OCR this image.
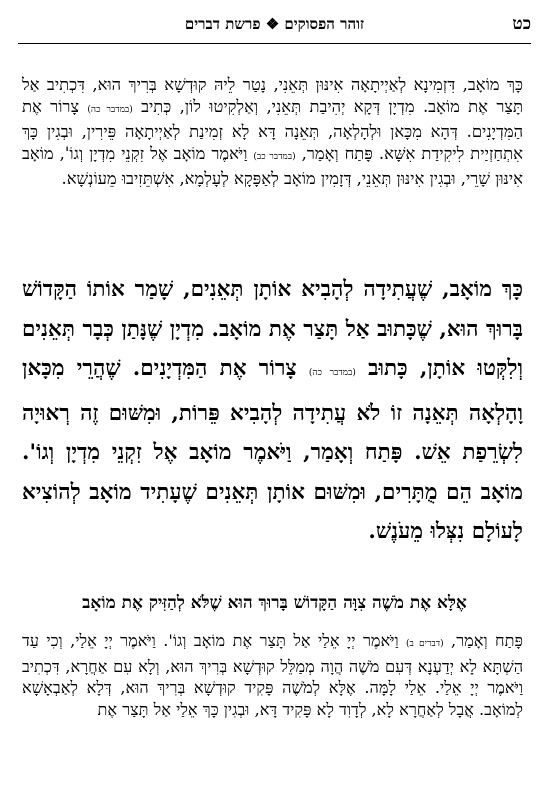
כט
זוהר הפסוקים ❖ פרשת דברים
כָּךְ מוֹאָב, דִּזְמִינָא לְאַיְיתָאָה אִינּוּן תְּאֵנִי, נָטַר לֵיהּ קוּדְשָׁא בְּרִיךְ הוּא, דִּכְתִיב אַל תָּצַר אֶת מוֹאָב. מִדְיָן דְּקָא יְהִיבַת תְּאֵנִי, וְאַלְקִיטוּ לוֹן, כְּתִיב (במדבר כה) צָרוֹר אֶת הַמִּדְיָנִים. דְּהָא מִכָּאן וּלְהָלְאָה, תְּאֵנָה דָּא לָא זְמִינַת לְאַיְיתָאָה פֵּירִין, וּבְגִין כָּךְ אִתְחַזְיַית לִיקִידַת אִשָּׁא. פָּתַח וְאָמַר, (במדבר כב) וַיֹּאמֶר מוֹאָב אֶל זִקְנֵי מִדְיָן וְגוֹ', מוֹאָב אִינּוּן שָׁרֵי, וּבְגִין אִינּוּן תְּאֵנֵי, דְּזָמִין מוֹאָב לְאַפָּקָא לְעָלְמָא, אִשְׁתֵּזִיבוּ מֵעוֹנְשָׁא.
כָּךְ מוֹאָב, שֶׁעֲתִידָה לְהָבִיא אוֹתָן תְּאֵנִים, שָׁמַר אוֹתוֹ הַקָּדוֹשׁ בָּרוּךְ הוּא, שֶׁכָּתוּב אַל תָּצַר אֶת מוֹאָב. מִדְיָן שֶׁנָּתַן כְּבָר תְּאֵנִים וְלִקְּטוּ אוֹתָן, כָּתוּב (במדבר כה) צָרוֹר אֶת הַמִּדְיָנִים. שֶׁהֲרֵי מִכָּאן וָהָלְאָה תְּאֵנָה זוֹ לֹא עֲתִידָה לְהָבִיא פֵּרוֹת, וּמִשּׁוּם זֶה רְאוּיָה לִשְׂרֵפַת אֵשׁ. פָּתַח וְאָמַר, וַיֹּאמֶר מוֹאָב אֶל זִקְנֵי מִדְיָן וְגוֹ'. מוֹאָב הֵם מֻתָּרִים, וּמִשּׁוּם אוֹתָן תְּאֵנִים שֶׁעָתִיד מוֹאָב לְהוֹצִיא לָעוֹלָם נִצְּלוּ מֵעֹנֶשׁ.
אֶלָּא אֶת מֹשֶׁה צִוָּה הַקָּדוֹשׁ בָּרוּךְ הוּא שֶׁלֹּא לְהַזִּיק אֶת מוֹאָב
פָּתַח וְאָמַר, (דברים ב) וַיֹּאמֶר יְיָ אֵלַי אַל תָּצַר אֶת מוֹאָב וְגוֹ'. וַיֹּאמֶר יְיָ אֵלַי, וְכִי עַד הַשְׁתָּא לָא יְדַעְנָא דְּעִם מֹשֶׁה הֲוָה מְמַלֵּל קוּדְשָׁא בְּרִיךְ הוּא, וְלָא עִם אַחֲרָא, דִּכְתִיב וַיֹּאמֶר יְיָ אֵלַי. אֵלַי לָמָּה. אֶלָּא לְמֹשֶׁה פָּקִיד קוּדְשָׁא בְּרִיךְ הוּא, דְּלָא לְאַבְאָשָׁא לְמוֹאָב. אֲבָל לְאַחֲרָא לָא, לְדָוִד לָא פָּקִיד דָּא, וּבְגִין כָּךְ אֵלַי אַל תָּצַר אֶת
